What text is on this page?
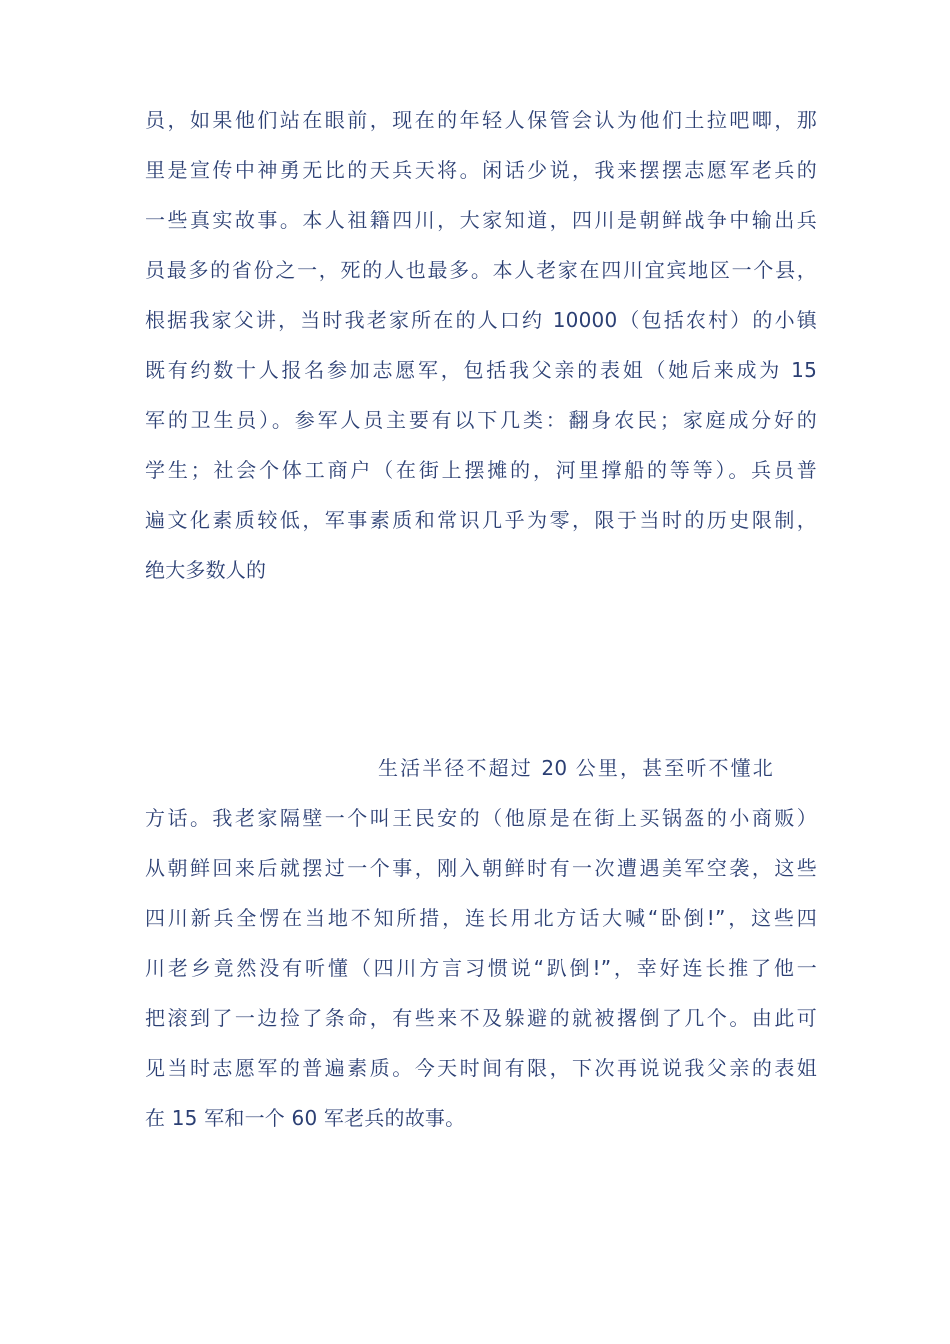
员，如果他们站在眼前，现在的年轻人保管会认为他们土拉吧唧，那
里是宣传中神勇无比的天兵天将。闲话少说，我来摆摆志愿军老兵的
一些真实故事。本人祖籍四川，大家知道，四川是朝鲜战争中输出兵
员最多的省份之一，死的人也最多。本人老家在四川宜宾地区一个县，
根据我家父讲，当时我老家所在的人口约 10000（包括农村）的小镇
既有约数十人报名参加志愿军，包括我父亲的表姐（她后来成为 15
军的卫生员）。参军人员主要有以下几类：翻身农民；家庭成分好的
学生；社会个体工商户（在街上摆摊的，河里撑船的等等）。兵员普
遍文化素质较低，军事素质和常识几乎为零，限于当时的历史限制，
绝大多数人的
生活半径不超过 20 公里，甚至听不懂北
方话。我老家隔壁一个叫王民安的（他原是在街上买锅盔的小商贩）
从朝鲜回来后就摆过一个事，刚入朝鲜时有一次遭遇美军空袭，这些
四川新兵全愣在当地不知所措，连长用北方话大喊“卧倒!”，这些四
川老乡竟然没有听懂（四川方言习惯说“趴倒!”，幸好连长推了他一
把滚到了一边捡了条命，有些来不及躲避的就被撂倒了几个。由此可
见当时志愿军的普遍素质。今天时间有限，下次再说说我父亲的表姐
在 15 军和一个 60 军老兵的故事。
